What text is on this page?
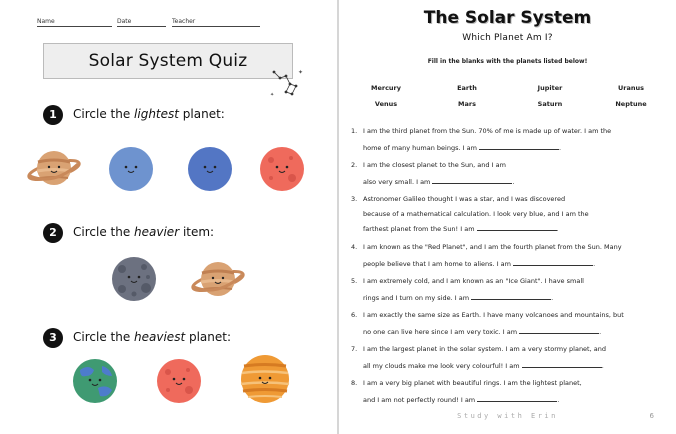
Name	Date	Teacher
Solar System Quiz
✦
✦
1	Circle the lightest planet:
2	Circle the heavier item:
3	Circle the heaviest planet:
The Solar System
Which Planet Am I?
Fill in the blanks with the planets listed below!
Mercury	Earth	Jupiter	Uranus
Venus	Mars	Saturn	Neptune
1. I am the third planet from the Sun. 70% of me is made up of water. I am the
home of many human beings. I am	.
2. I am the closest planet to the Sun, and I am
also very small. I am	.
3. Astronomer Galileo thought I was a star, and I was discovered
because of a mathematical calculation. I look very blue, and I am the
farthest planet from the Sun! I am	.
4. I am known as the "Red Planet", and I am the fourth planet from the Sun. Many
people believe that I am home to aliens. I am	.
5. I am extremely cold, and I am known as an "Ice Giant". I have small
rings and I turn on my side. I am	.
6. I am exactly the same size as Earth. I have many volcanoes and mountains, but
no one can live here since I am very toxic. I am	.
7. I am the largest planet in the solar system. I am a very stormy planet, and
all my clouds make me look very colourful! I am	.
8. I am a very big planet with beautiful rings. I am the lightest planet,
and I am not perfectly round! I am	.
Study with Erin	6
